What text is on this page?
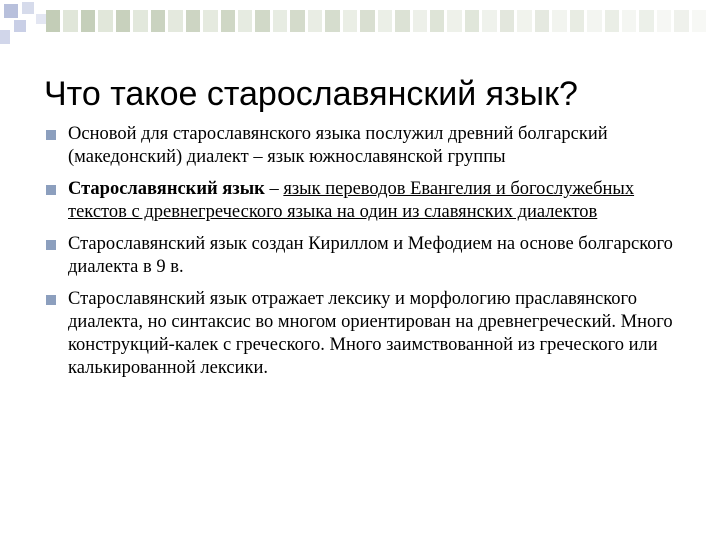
Что такое старославянский язык?
Основой для старославянского языка послужил древний болгарский (македонский) диалект – язык южнославянской группы
Старославянский язык – язык переводов Евангелия и богослужебных текстов с древнегреческого языка на один из славянских диалектов
Старославянский язык создан Кириллом и Мефодием на основе болгарского диалекта в 9 в.
Старославянский язык отражает лексику и морфологию праславянского диалекта, но синтаксис во многом ориентирован на древнегреческий. Много конструкций-калек с греческого. Много заимствованной из греческого или калькированной лексики.
